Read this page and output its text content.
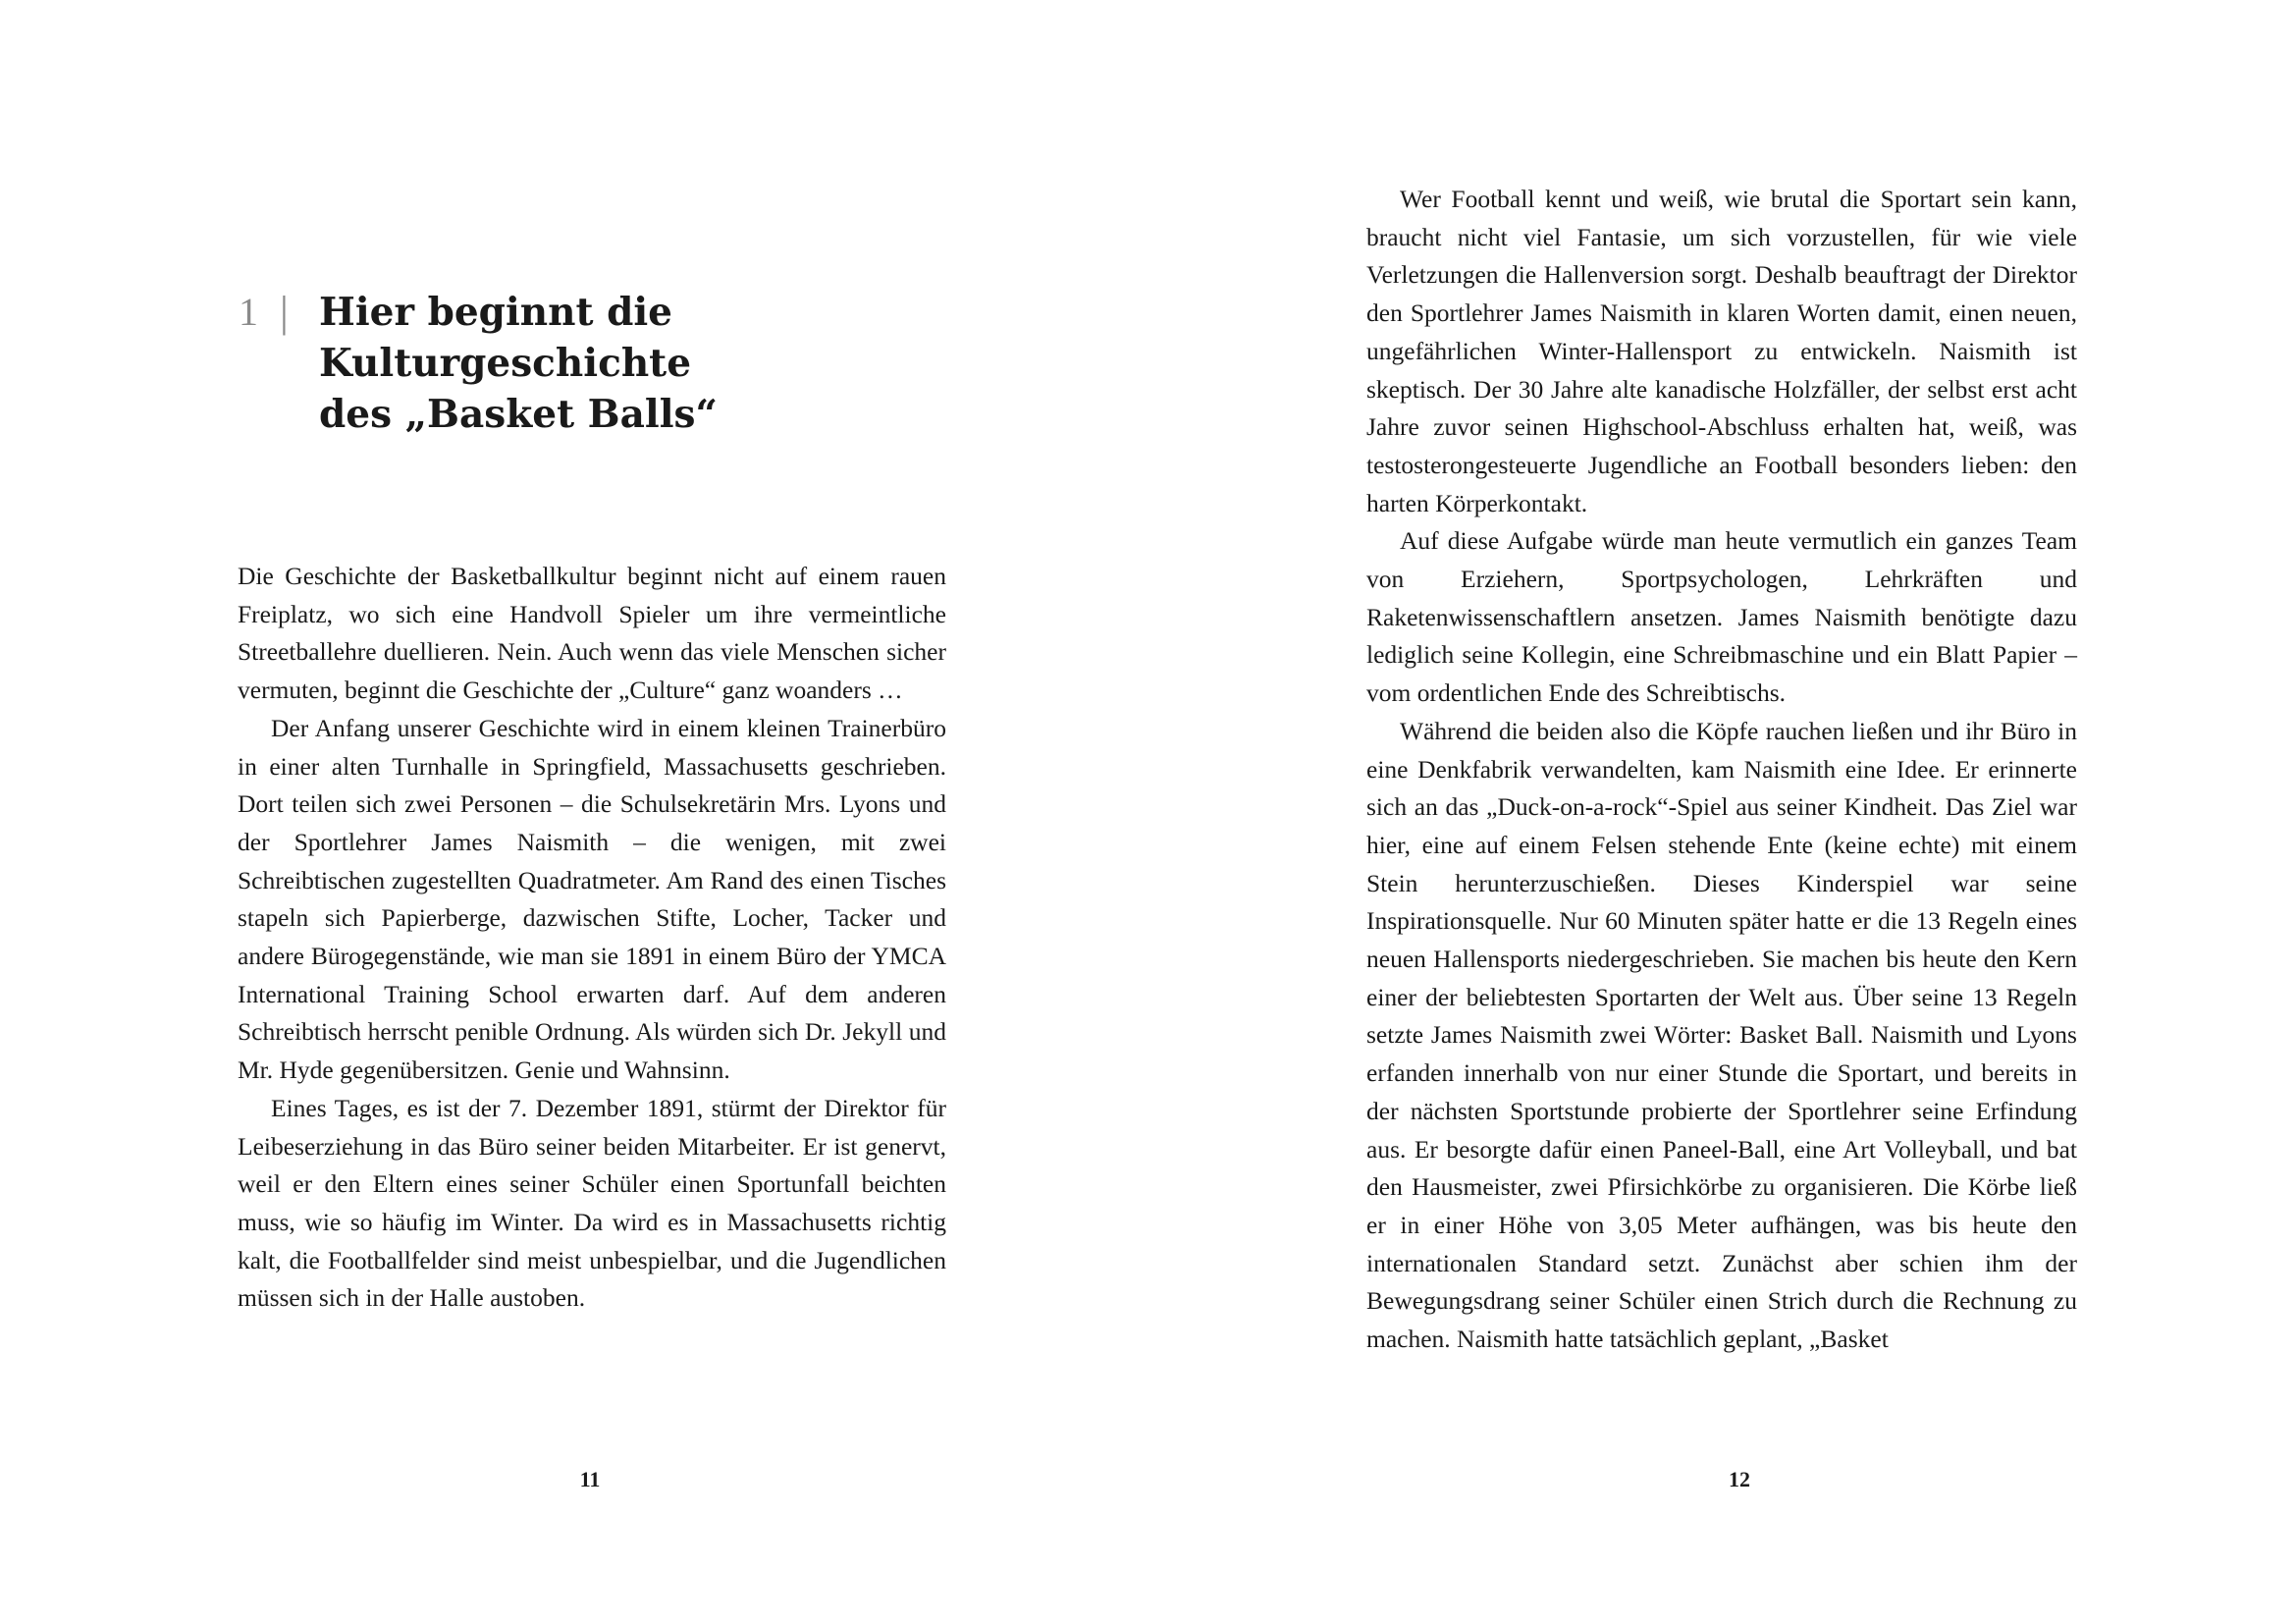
1 | Hier beginnt die Kulturgeschichte
des „Basket Balls“

Die Geschichte der Basketballkultur beginnt nicht auf einem rauen Freiplatz, wo sich eine Handvoll Spieler um ihre vermeintliche Streetballehre duellieren. Nein. Auch wenn das viele Menschen sicher vermuten, beginnt die Geschichte der „Culture“ ganz woanders …

Der Anfang unserer Geschichte wird in einem kleinen Trainerbüro in einer alten Turnhalle in Springfield, Massachusetts geschrieben. Dort teilen sich zwei Personen – die Schulsekretärin Mrs. Lyons und der Sportlehrer James Naismith – die wenigen, mit zwei Schreibtischen zugestellten Quadratmeter. Am Rand des einen Tisches stapeln sich Papierberge, dazwischen Stifte, Locher, Tacker und andere Bürogegenstände, wie man sie 1891 in einem Büro der YMCA International Training School erwarten darf. Auf dem anderen Schreibtisch herrscht penible Ordnung. Als würden sich Dr. Jekyll und Mr. Hyde gegenübersitzen. Genie und Wahnsinn.

Eines Tages, es ist der 7. Dezember 1891, stürmt der Direktor für Leibeserziehung in das Büro seiner beiden Mitarbeiter. Er ist genervt, weil er den Eltern eines seiner Schüler einen Sportunfall beichten muss, wie so häufig im Winter. Da wird es in Massachusetts richtig kalt, die Footballfelder sind meist unbespielbar, und die Jugendlichen müssen sich in der Halle austoben.

11

Wer Football kennt und weiß, wie brutal die Sportart sein kann, braucht nicht viel Fantasie, um sich vorzustellen, für wie viele Verletzungen die Hallenversion sorgt. Deshalb beauftragt der Direktor den Sportlehrer James Naismith in klaren Worten damit, einen neuen, ungefährlichen Winter-Hallensport zu entwickeln. Naismith ist skeptisch. Der 30 Jahre alte kanadische Holzfäller, der selbst erst acht Jahre zuvor seinen Highschool-Abschluss erhalten hat, weiß, was testosterongesteuerte Jugendliche an Football besonders lieben: den harten Körperkontakt.

Auf diese Aufgabe würde man heute vermutlich ein ganzes Team von Erziehern, Sportpsychologen, Lehrkräften und Raketenwissenschaftlern ansetzen. James Naismith benötigte dazu lediglich seine Kollegin, eine Schreibmaschine und ein Blatt Papier – vom ordentlichen Ende des Schreibtischs.

Während die beiden also die Köpfe rauchen ließen und ihr Büro in eine Denkfabrik verwandelten, kam Naismith eine Idee. Er erinnerte sich an das „Duck-on-a-rock“-Spiel aus seiner Kindheit. Das Ziel war hier, eine auf einem Felsen stehende Ente (keine echte) mit einem Stein herunterzuschießen. Dieses Kinderspiel war seine Inspirationsquelle. Nur 60 Minuten später hatte er die 13 Regeln eines neuen Hallensports niedergeschrieben. Sie machen bis heute den Kern einer der beliebtesten Sportarten der Welt aus. Über seine 13 Regeln setzte James Naismith zwei Wörter: Basket Ball. Naismith und Lyons erfanden innerhalb von nur einer Stunde die Sportart, und bereits in der nächsten Sportstunde probierte der Sportlehrer seine Erfindung aus. Er besorgte dafür einen Paneel-Ball, eine Art Volleyball, und bat den Hausmeister, zwei Pfirsichkörbe zu organisieren. Die Körbe ließ er in einer Höhe von 3,05 Meter aufhängen, was bis heute den internationalen Standard setzt. Zunächst aber schien ihm der Bewegungsdrang seiner Schüler einen Strich durch die Rechnung zu machen. Naismith hatte tatsächlich geplant, „Basket

12
